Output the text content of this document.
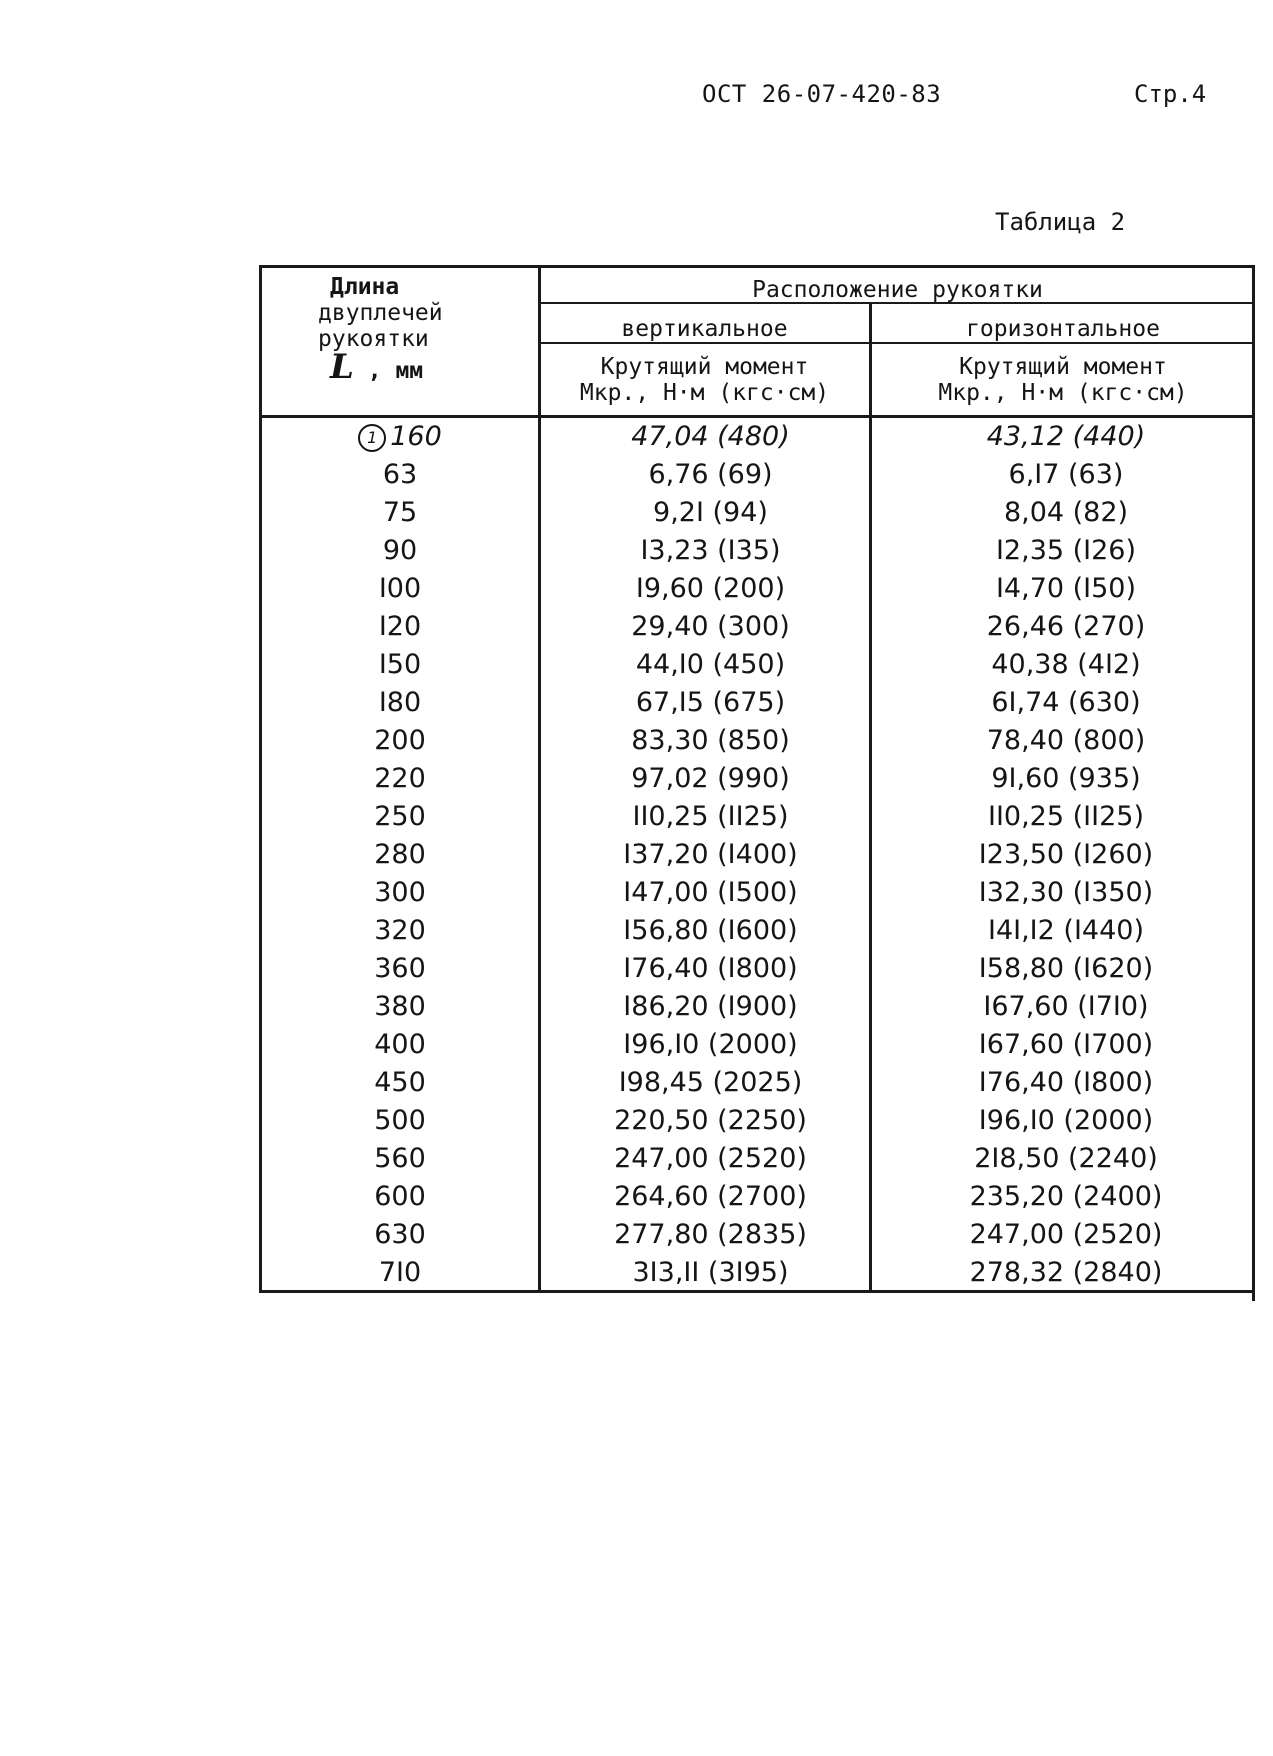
ОСТ 26-07-420-83	Стр.4
Таблица 2
Длина
двуплечей
рукоятки
L , мм
Расположение рукоятки
вертикальное	горизонтальное
Крутящий момент
Мкр., Н·м (кгс·см)
Крутящий момент
Мкр., Н·м (кгс·см)
1 160
63
75
90
I00
I20
I50
I80
200
220
250
280
300
320
360
380
400
450
500
560
600
630
7I0
47,04 (480)
6,76 (69)
9,2I (94)
I3,23 (I35)
I9,60 (200)
29,40 (300)
44,I0 (450)
67,I5 (675)
83,30 (850)
97,02 (990)
II0,25 (II25)
I37,20 (I400)
I47,00 (I500)
I56,80 (I600)
I76,40 (I800)
I86,20 (I900)
I96,I0 (2000)
I98,45 (2025)
220,50 (2250)
247,00 (2520)
264,60 (2700)
277,80 (2835)
3I3,II (3I95)
43,12 (440)
6,I7 (63)
8,04 (82)
I2,35 (I26)
I4,70 (I50)
26,46 (270)
40,38 (4I2)
6I,74 (630)
78,40 (800)
9I,60 (935)
II0,25 (II25)
I23,50 (I260)
I32,30 (I350)
I4I,I2 (I440)
I58,80 (I620)
I67,60 (I7I0)
I67,60 (I700)
I76,40 (I800)
I96,I0 (2000)
2I8,50 (2240)
235,20 (2400)
247,00 (2520)
278,32 (2840)
